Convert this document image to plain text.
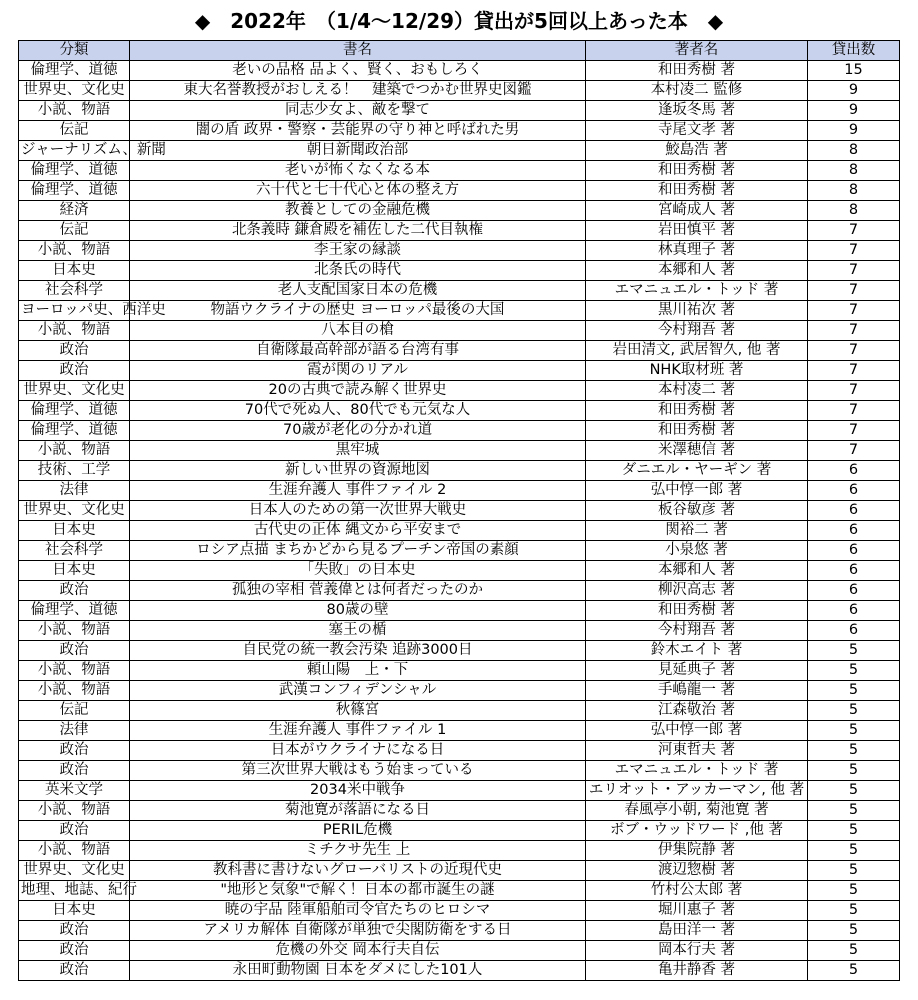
◆　2022年　（1/4～12/29）貸出が5回以上あった本　◆
分類	書名	著者名	貸出数
倫理学、道徳	老いの品格 品よく、賢く、おもしろく	和田秀樹 著	15
世界史、文化史	東大名誉教授がおしえる！　建築でつかむ世界史図鑑	本村凌二 監修	9
小説、物語	同志少女よ、敵を撃て	逢坂冬馬 著	9
伝記	闇の盾 政界・警察・芸能界の守り神と呼ばれた男	寺尾文孝 著	9
ジャーナリズム、新聞	朝日新聞政治部	鮫島浩 著	8
倫理学、道徳	老いが怖くなくなる本	和田秀樹 著	8
倫理学、道徳	六十代と七十代心と体の整え方	和田秀樹 著	8
経済	教養としての金融危機	宮崎成人 著	8
伝記	北条義時 鎌倉殿を補佐した二代目執権	岩田慎平 著	7
小説、物語	李王家の縁談	林真理子 著	7
日本史	北条氏の時代	本郷和人 著	7
社会科学	老人支配国家日本の危機	エマニュエル・トッド 著	7
ヨーロッパ史、西洋史	物語ウクライナの歴史 ヨーロッパ最後の大国	黒川祐次 著	7
小説、物語	八本目の槍	今村翔吾 著	7
政治	自衛隊最高幹部が語る台湾有事	岩田清文, 武居智久, 他 著	7
政治	霞が関のリアル	NHK取材班 著	7
世界史、文化史	20の古典で読み解く世界史	本村凌二 著	7
倫理学、道徳	70代で死ぬ人、80代でも元気な人	和田秀樹 著	7
倫理学、道徳	70歳が老化の分かれ道	和田秀樹 著	7
小説、物語	黒牢城	米澤穂信 著	7
技術、工学	新しい世界の資源地図	ダニエル・ヤーギン 著	6
法律	生涯弁護人 事件ファイル 2	弘中惇一郎 著	6
世界史、文化史	日本人のための第一次世界大戦史	板谷敏彦 著	6
日本史	古代史の正体 縄文から平安まで	関裕二 著	6
社会科学	ロシア点描 まちかどから見るプーチン帝国の素顔	小泉悠 著	6
日本史	「失敗」の日本史	本郷和人 著	6
政治	孤独の宰相 菅義偉とは何者だったのか	柳沢高志 著	6
倫理学、道徳	80歳の壁	和田秀樹 著	6
小説、物語	塞王の楯	今村翔吾 著	6
政治	自民党の統一教会汚染 追跡3000日	鈴木エイト 著	5
小説、物語	頼山陽　上・下	見延典子 著	5
小説、物語	武漢コンフィデンシャル	手嶋龍一 著	5
伝記	秋篠宮	江森敬治 著	5
法律	生涯弁護人 事件ファイル 1	弘中惇一郎 著	5
政治	日本がウクライナになる日	河東哲夫 著	5
政治	第三次世界大戦はもう始まっている	エマニュエル・トッド 著	5
英米文学	2034米中戦争	エリオット・アッカーマン, 他 著	5
小説、物語	菊池寛が落語になる日	春風亭小朝, 菊池寛 著	5
政治	PERIL危機	ボブ・ウッドワード ,他 著	5
小説、物語	ミチクサ先生 上	伊集院静 著	5
世界史、文化史	教科書に書けないグローバリストの近現代史	渡辺惣樹 著	5
地理、地誌、紀行	"地形と気象"で解く！日本の都市誕生の謎	竹村公太郎 著	5
日本史	暁の宇品 陸軍船舶司令官たちのヒロシマ	堀川惠子 著	5
政治	アメリカ解体 自衛隊が単独で尖閣防衛をする日	島田洋一 著	5
政治	危機の外交 岡本行夫自伝	岡本行夫 著	5
政治	永田町動物園 日本をダメにした101人	亀井静香 著	5
